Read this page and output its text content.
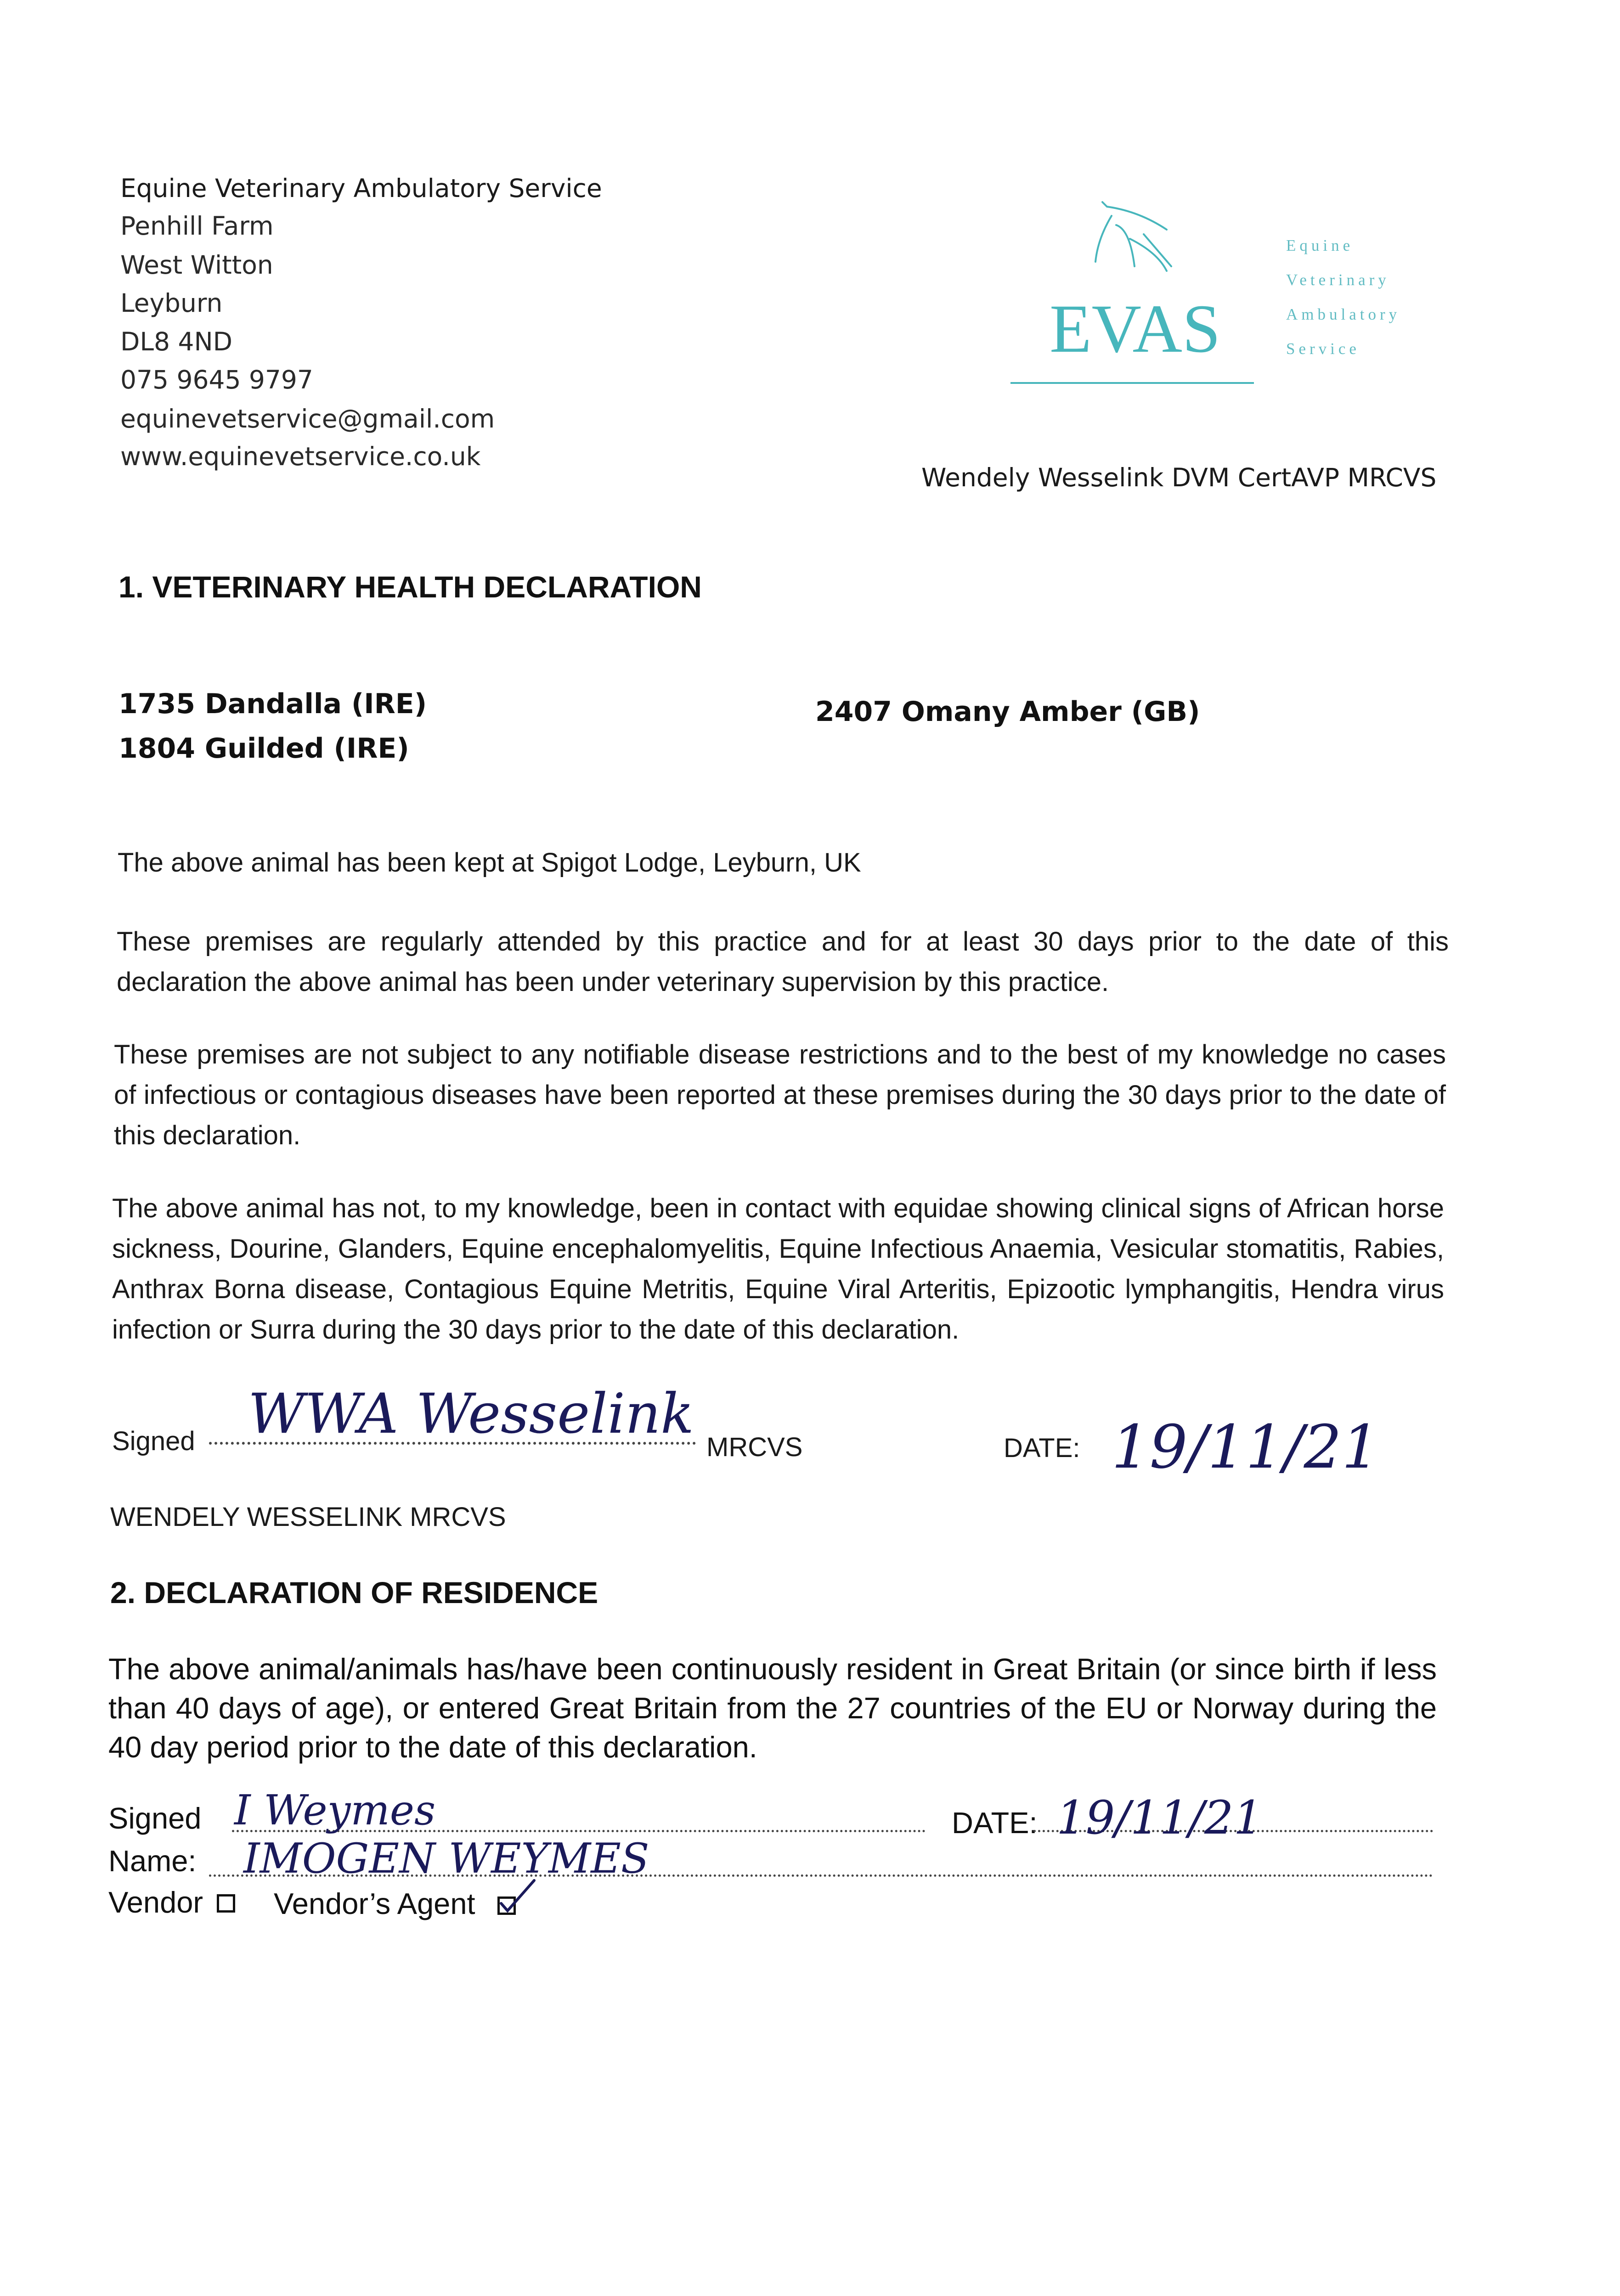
Equine Veterinary Ambulatory Service
Penhill Farm
West Witton
Leyburn
DL8 4ND
075 9645 9797
equinevetservice@gmail.com
www.equinevetservice.co.uk
EVAS
Equine
Veterinary
Ambulatory
Service
Wendely Wesselink DVM CertAVP MRCVS
1. VETERINARY HEALTH DECLARATION
1735 Dandalla (IRE)
1804 Guilded (IRE)
2407 Omany Amber (GB)
The above animal has been kept at Spigot Lodge, Leyburn, UK

These premises are regularly attended by this practice and for at least 30 days prior to the date of this declaration the above animal has been under veterinary supervision by this practice.

These premises are not subject to any notifiable disease restrictions and to the best of my knowledge no cases of infectious or contagious diseases have been reported at these premises during the 30 days prior to the date of this declaration.

The above animal has not, to my knowledge, been in contact with equidae showing clinical signs of African horse sickness, Dourine, Glanders, Equine encephalomyelitis, Equine Infectious Anaemia, Vesicular stomatitis, Rabies, Anthrax Borna disease, Contagious Equine Metritis, Equine Viral Arteritis, Epizootic lymphangitis, Hendra virus infection or Surra during the 30 days prior to the date of this declaration.

Signed WWA Wesselink
MRCVS	DATE: 19/11/21
WENDELY WESSELINK MRCVS
2. DECLARATION OF RESIDENCE

The above animal/animals has/have been continuously resident in Great Britain (or since birth if less than 40 days of age), or entered Great Britain from the 27 countries of the EU or Norway during the 40 day period prior to the date of this declaration.

Signed I Weymes	DATE: 19/11/21
Name: IMOGEN WEYMES
Vendor Vendor’s Agent
